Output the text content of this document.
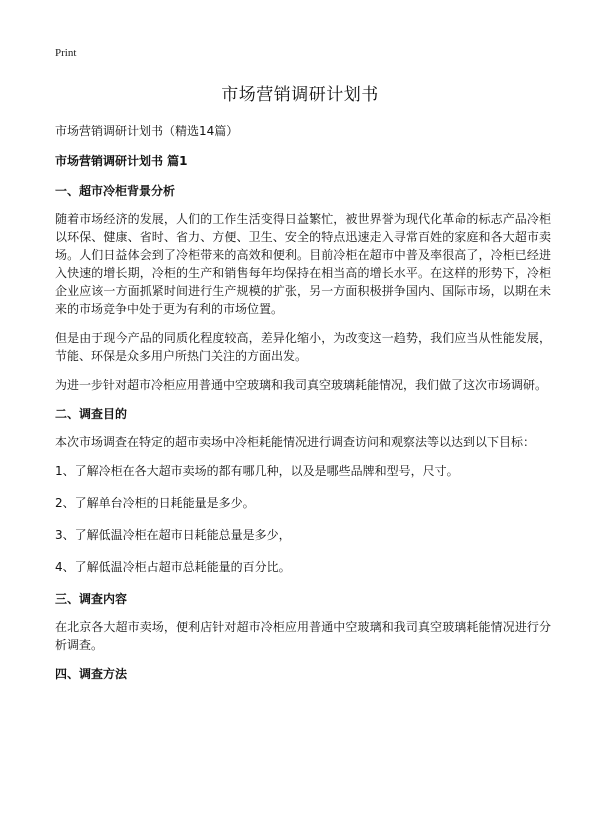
Print
市场营销调研计划书
市场营销调研计划书（精选14篇）
市场营销调研计划书 篇1
一、超市冷柜背景分析

随着市场经济的发展，人们的工作生活变得日益繁忙，被世界誉为现代化革命的标志产品冷柜以环保、健康、省时、省力、方便、卫生、安全的特点迅速走入寻常百姓的家庭和各大超市卖场。人们日益体会到了冷柜带来的高效和便利。目前冷柜在超市中普及率很高了，冷柜已经进入快速的增长期，冷柜的生产和销售每年均保持在相当高的增长水平。在这样的形势下，冷柜企业应该一方面抓紧时间进行生产规模的扩张，另一方面积极拼争国内、国际市场，以期在未来的市场竞争中处于更为有利的市场位置。

但是由于现今产品的同质化程度较高，差异化缩小，为改变这一趋势，我们应当从性能发展，节能、环保是众多用户所热门关注的方面出发。

为进一步针对超市冷柜应用普通中空玻璃和我司真空玻璃耗能情况，我们做了这次市场调研。

二、调查目的

本次市场调查在特定的超市卖场中冷柜耗能情况进行调查访问和观察法等以达到以下目标：

1、了解冷柜在各大超市卖场的都有哪几种，以及是哪些品牌和型号，尺寸。
2、了解单台冷柜的日耗能量是多少。
3、了解低温冷柜在超市日耗能总量是多少，
4、了解低温冷柜占超市总耗能量的百分比。
三、调查内容

在北京各大超市卖场，便利店针对超市冷柜应用普通中空玻璃和我司真空玻璃耗能情况进行分析调查。

四、调查方法
